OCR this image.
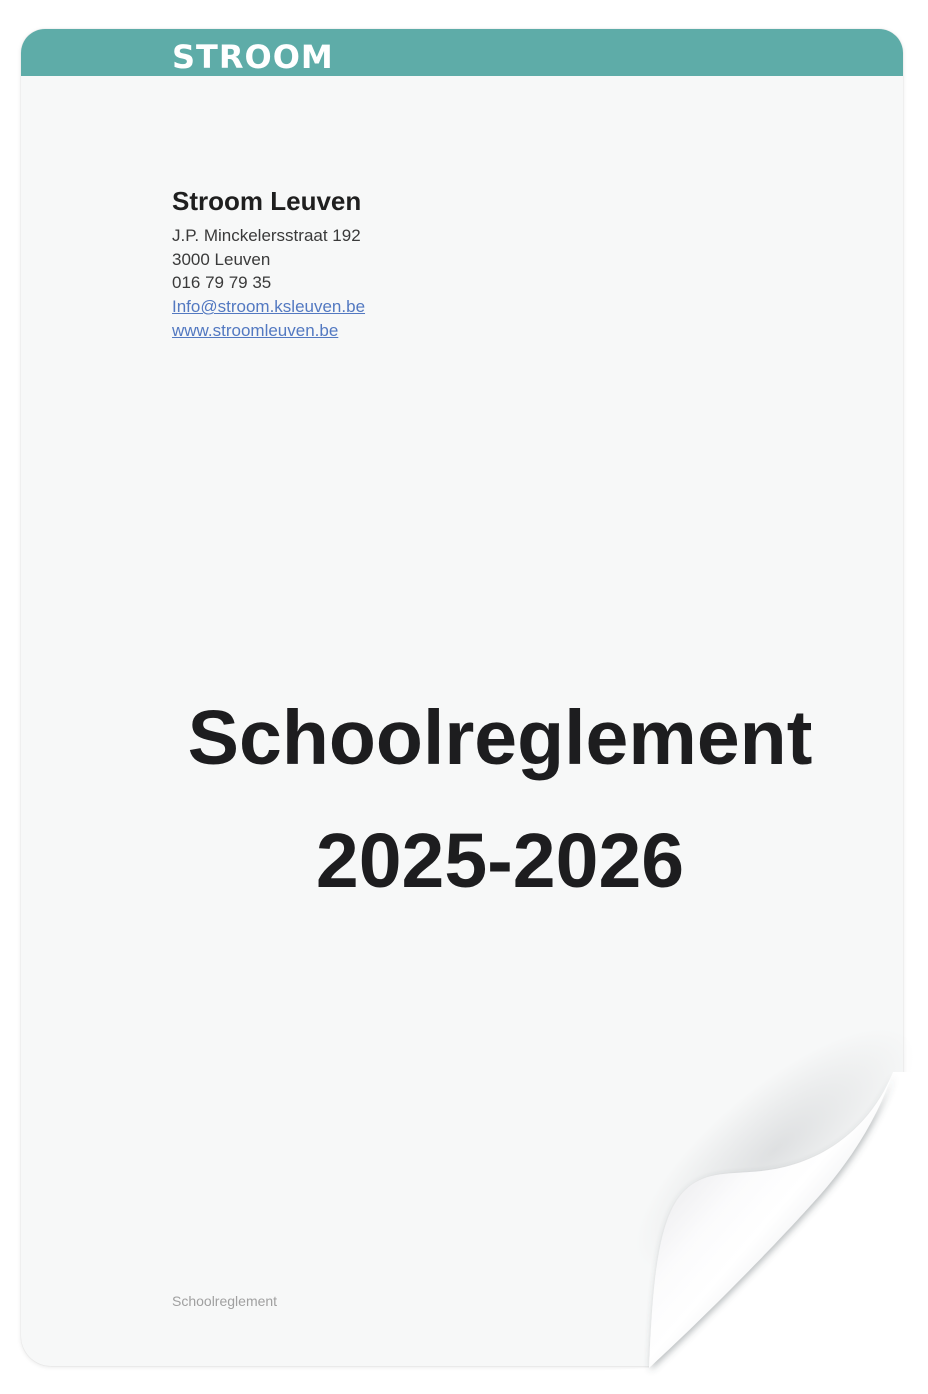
STROOM
Stroom Leuven
J.P. Minckelersstraat 192
3000 Leuven
016 79 79 35
Info@stroom.ksleuven.be
www.stroomleuven.be
Schoolreglement
2025-2026
Schoolreglement
